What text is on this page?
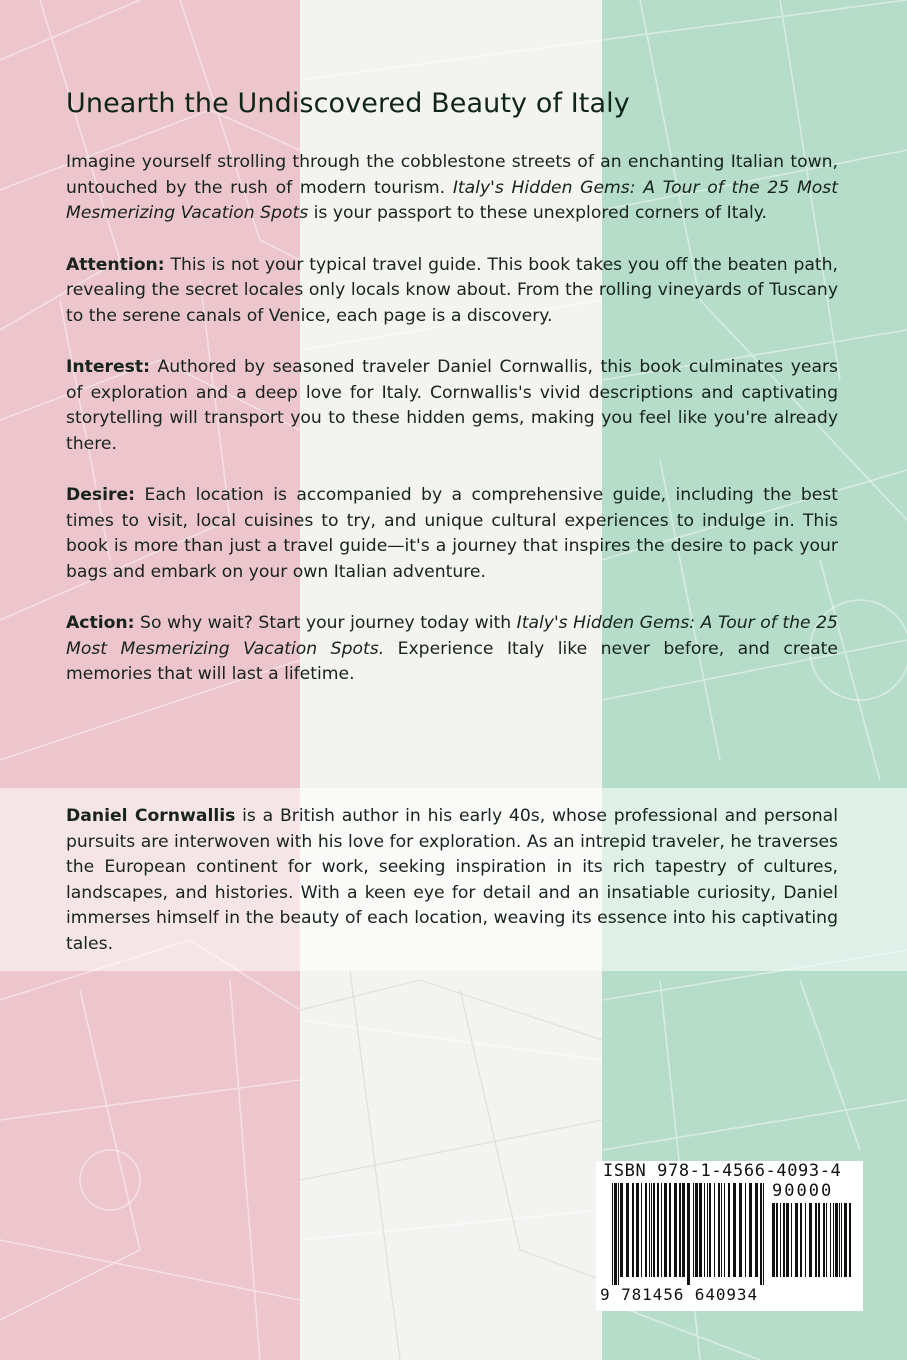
Unearth the Undiscovered Beauty of Italy

Imagine yourself strolling through the cobblestone streets of an enchanting Italian town, untouched by the rush of modern tourism. Italy's Hidden Gems: A Tour of the 25 Most Mesmerizing Vacation Spots is your passport to these unexplored corners of Italy.

Attention: This is not your typical travel guide. This book takes you off the beaten path, revealing the secret locales only locals know about. From the rolling vineyards of Tuscany to the serene canals of Venice, each page is a discovery.

Interest: Authored by seasoned traveler Daniel Cornwallis, this book culminates years of exploration and a deep love for Italy. Cornwallis's vivid descriptions and captivating storytelling will transport you to these hidden gems, making you feel like you're already there.

Desire: Each location is accompanied by a comprehensive guide, including the best times to visit, local cuisines to try, and unique cultural experiences to indulge in. This book is more than just a travel guide—it's a journey that inspires the desire to pack your bags and embark on your own Italian adventure.

Action: So why wait? Start your journey today with Italy's Hidden Gems: A Tour of the 25 Most Mesmerizing Vacation Spots. Experience Italy like never before, and create memories that will last a lifetime.

Daniel Cornwallis is a British author in his early 40s, whose professional and personal pursuits are interwoven with his love for exploration. As an intrepid traveler, he traverses the European continent for work, seeking inspiration in its rich tapestry of cultures, landscapes, and histories. With a keen eye for detail and an insatiable curiosity, Daniel immerses himself in the beauty of each location, weaving its essence into his captivating tales.

ISBN 978-1-4566-4093-4
90000
9 781456 640934
